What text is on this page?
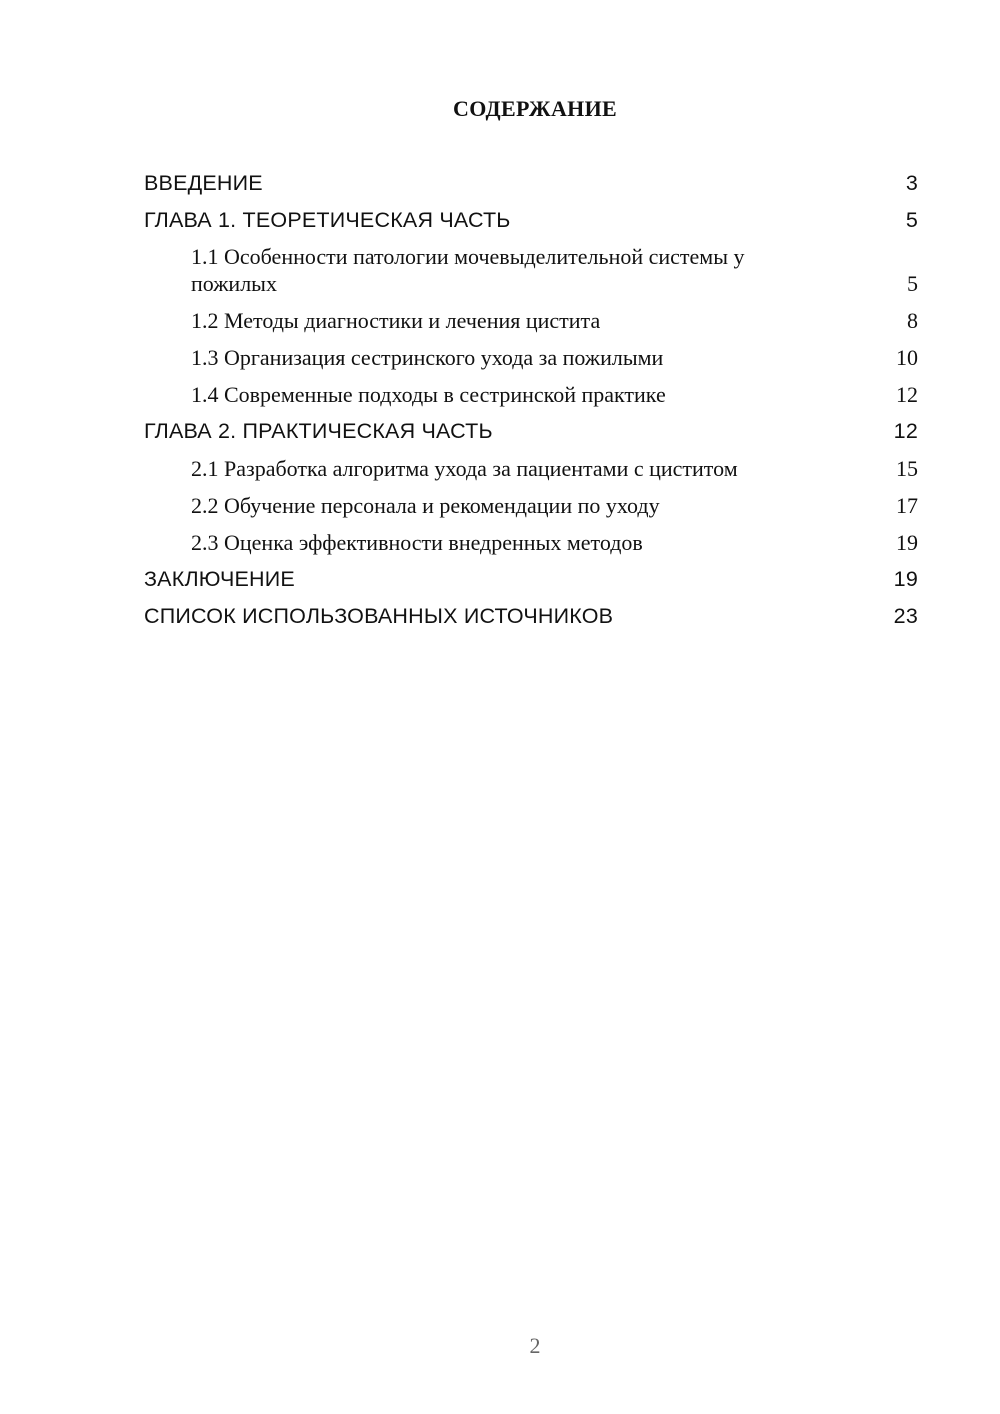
СОДЕРЖАНИЕ
ВВЕДЕНИЕ	3
ГЛАВА 1. ТЕОРЕТИЧЕСКАЯ ЧАСТЬ	5
1.1 Особенности патологии мочевыделительной системы у пожилых	5
1.2 Методы диагностики и лечения цистита	8
1.3 Организация сестринского ухода за пожилыми	10
1.4 Современные подходы в сестринской практике	12
ГЛАВА 2. ПРАКТИЧЕСКАЯ ЧАСТЬ	12
2.1 Разработка алгоритма ухода за пациентами с циститом	15
2.2 Обучение персонала и рекомендации по уходу	17
2.3 Оценка эффективности внедренных методов	19
ЗАКЛЮЧЕНИЕ	19
СПИСОК ИСПОЛЬЗОВАННЫХ ИСТОЧНИКОВ	23
2
